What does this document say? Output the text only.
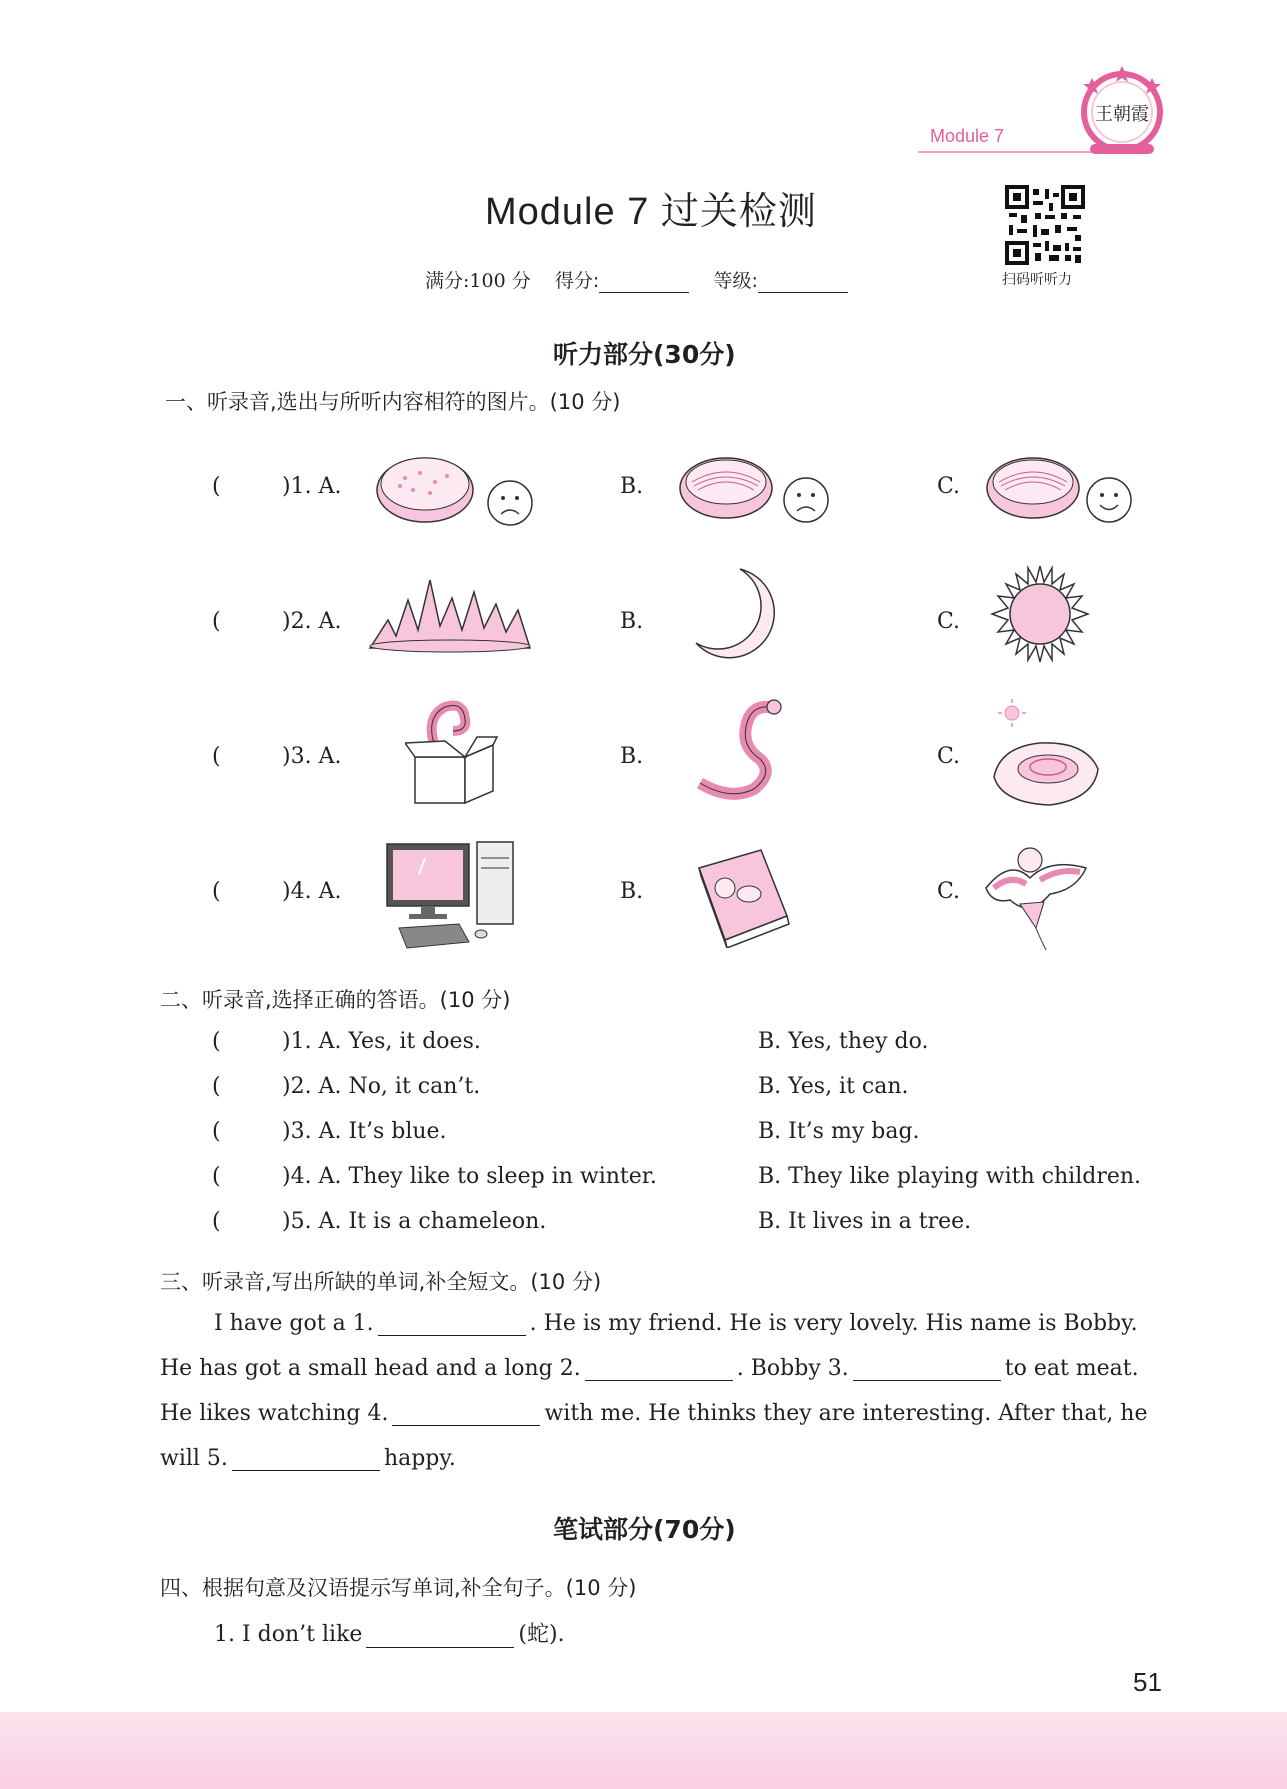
Module 7
王朝霞
Module 7 过关检测
满分:100 分 得分:	等级:	扫码听听力
听力部分(30分)
一、听录音,选出与所听内容相符的图片。(10 分)
(	)1. A.	B.	C.
(	)2. A.	B.	C.
(	)3. A.	B.	C.
(	)4. A.	B.	C.
二、听录音,选择正确的答语。(10 分)
(	)1. A. Yes, it does.	B. Yes, they do.
(	)2. A. No, it can’t.	B. Yes, it can.
(	)3. A. It’s blue.	B. It’s my bag.
(	)4. A. They like to sleep in winter.	B. They like playing with children.
(	)5. A. It is a chameleon.	B. It lives in a tree.
三、听录音,写出所缺的单词,补全短文。(10 分)
I have got a 1.	. He is my friend. He is very lovely. His name is Bobby.
He has got a small head and a long 2.	. Bobby 3.	to eat meat.
He likes watching 4.	with me. He thinks they are interesting. After that, he
will 5.	happy.
笔试部分(70分)
四、根据句意及汉语提示写单词,补全句子。(10 分)
1. I don’t like	(蛇).
51
